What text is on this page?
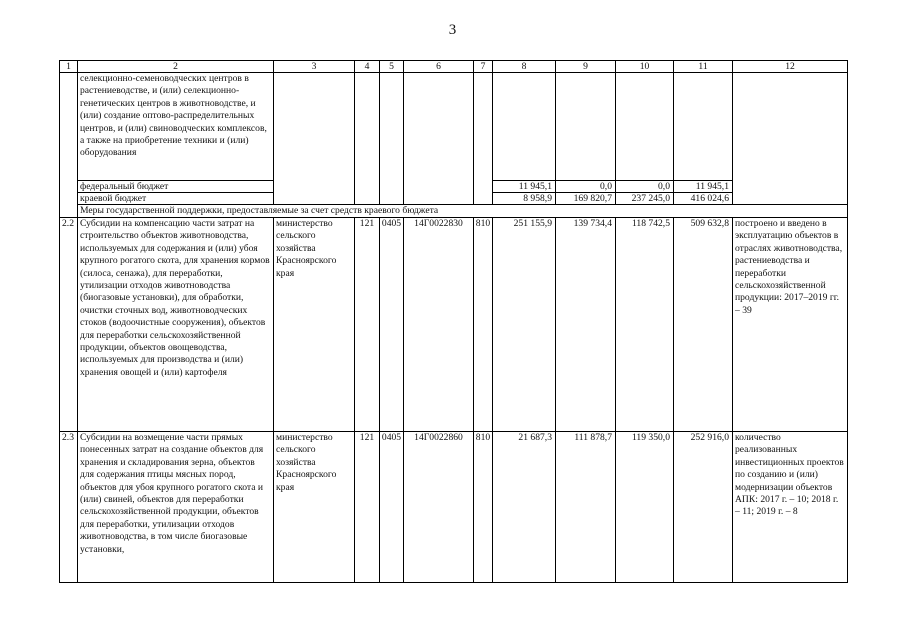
3
1	2	3	4	5	6	7	8	9	10	11	12
	селекционно-семеноводческих центров в растениеводстве, и (или) селекционно-генетических центров в животноводстве, и (или) создание оптово-распределительных центров, и (или) свиноводческих комплексов, а также на приобретение техники и (или) оборудования										
	федеральный бюджет						11 945,1	0,0	0,0	11 945,1	
	краевой бюджет						8 958,9	169 820,7	237 245,0	416 024,6	
	Меры государственной поддержки, предоставляемые за счет средств краевого бюджета										
2.2	Субсидии на компенсацию части затрат на строительство объектов животноводства, используемых для содержания и (или) убоя крупного рогатого скота, для хранения кормов (силоса, сенажа), для переработки, утилизации отходов животноводства (биогазовые установки), для обработки, очистки сточных вод, животноводческих стоков (водоочистные сооружения), объектов для переработки сельскохозяйственной продукции, объектов овощеводства, используемых для производства и (или) хранения овощей и (или) картофеля	министерство сельского хозяйства Красноярского края	121	0405	14Г0022830	810	251 155,9	139 734,4	118 742,5	509 632,8	построено и введено в эксплуатацию объектов в отраслях животноводства, растениеводства и переработки сельскохозяйственной продукции: 2017–2019 гг. – 39
2.3	Субсидии на возмещение части прямых понесенных затрат на создание объектов для хранения и складирования зерна, объектов для содержания птицы мясных пород, объектов для убоя крупного рогатого скота и (или) свиней, объектов для переработки сельскохозяйственной продукции, объектов для переработки, утилизации отходов животноводства, в том числе биогазовые установки,	министерство сельского хозяйства Красноярского края	121	0405	14Г0022860	810	21 687,3	111 878,7	119 350,0	252 916,0	количество реализованных инвестиционных проектов по созданию и (или) модернизации объектов АПК: 2017 г. – 10; 2018 г. – 11; 2019 г. – 8
